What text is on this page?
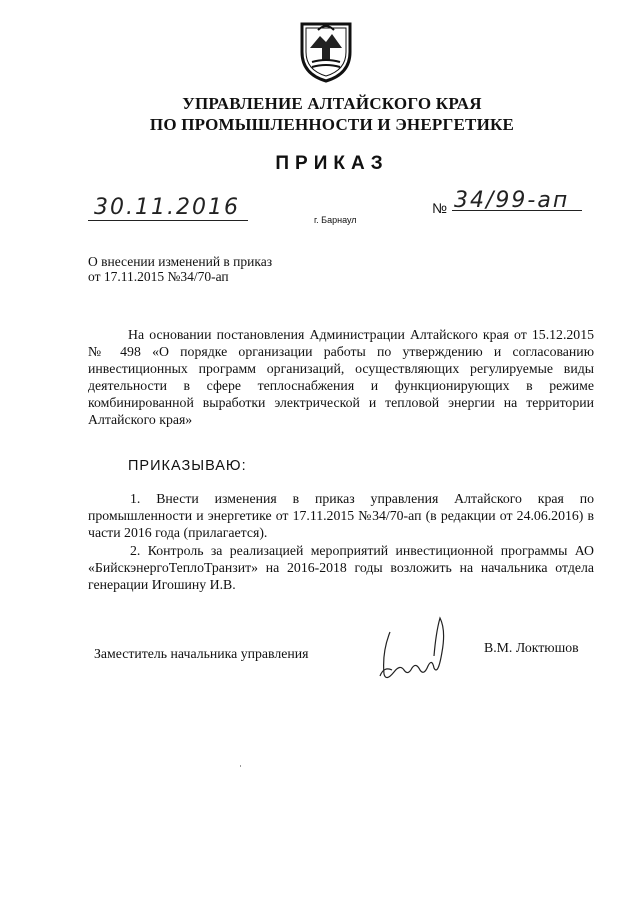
УПРАВЛЕНИЕ АЛТАЙСКОГО КРАЯ
ПО ПРОМЫШЛЕННОСТИ И ЭНЕРГЕТИКЕ
ПРИКАЗ
30.11.2016	г. Барнаул
№ 34/99-ап
О внесении изменений в приказ
от 17.11.2015 №34/70-ап
На основании постановления Администрации Алтайского края от 15.12.2015 № 498 «О порядке организации работы по утверждению и согласованию инвестиционных программ организаций, осуществляющих регулируемые виды деятельности в сфере теплоснабжения и функционирующих в режиме комбинированной выработки электрической и тепловой энергии на территории Алтайского края»
ПРИКАЗЫВАЮ:
1. Внести изменения в приказ управления Алтайского края по промышленности и энергетике от 17.11.2015 №34/70-ап (в редакции от 24.06.2016) в части 2016 года (прилагается).
2. Контроль за реализацией мероприятий инвестиционной программы АО «БийскэнергоТеплоТранзит» на 2016-2018 годы возложить на начальника отдела генерации Игошину И.В.
Заместитель начальника управления	В.М. Локтюшов
